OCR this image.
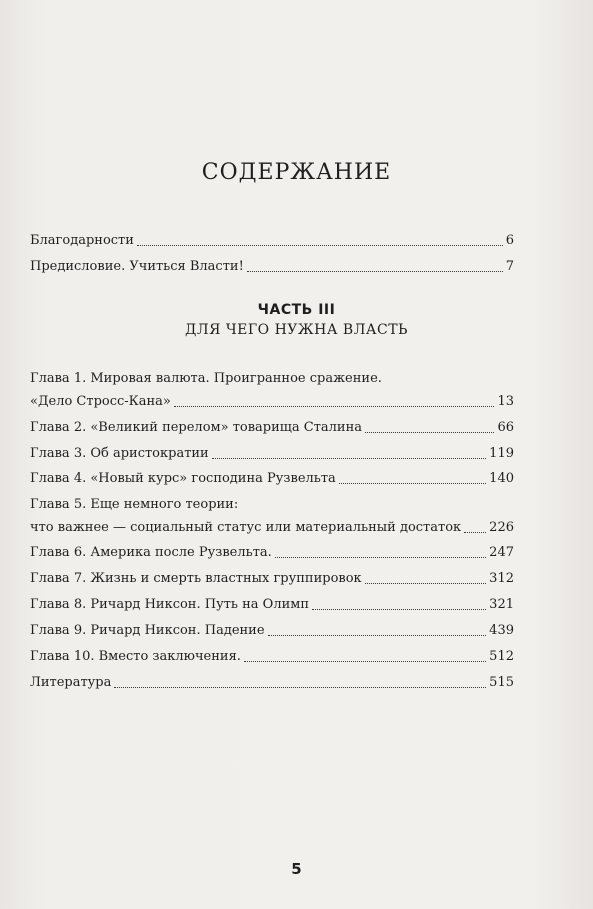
СОДЕРЖАНИЕ
Благодарности	6
Предисловие. Учиться Власти!	7
ЧАСТЬ III
ДЛЯ ЧЕГО НУЖНА ВЛАСТЬ
Глава 1. Мировая валюта. Проигранное сражение.
«Дело Стросс-Кана»	13
Глава 2. «Великий перелом» товарища Сталина	66
Глава 3. Об аристократии	119
Глава 4. «Новый курс» господина Рузвельта	140
Глава 5. Еще немного теории:
что важнее — социальный статус или материальный достаток 226
Глава 6. Америка после Рузвельта.	247
Глава 7. Жизнь и смерть властных группировок	312
Глава 8. Ричард Никсон. Путь на Олимп	321
Глава 9. Ричард Никсон. Падение	439
Глава 10. Вместо заключения.	512
Литература	515
5
